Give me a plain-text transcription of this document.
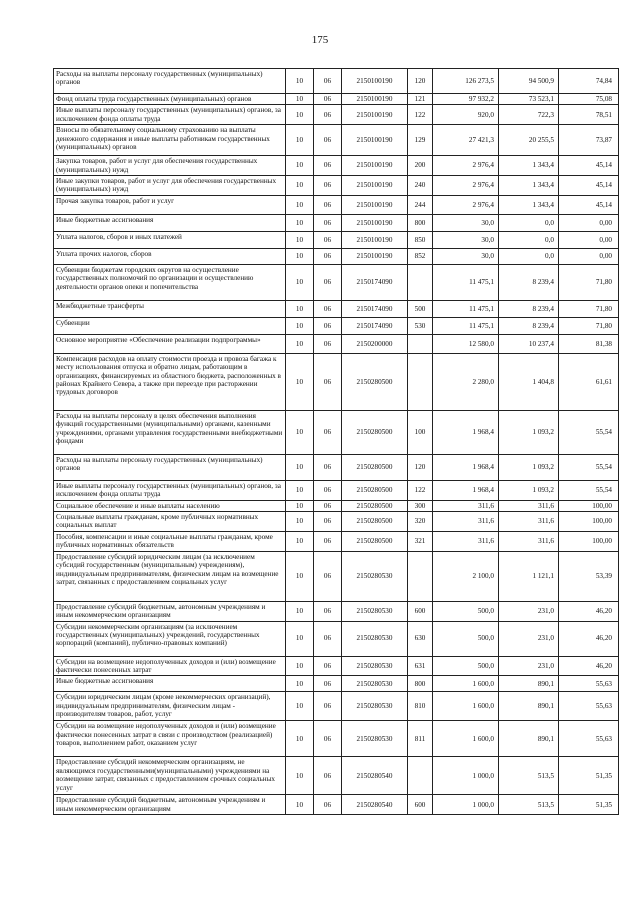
175
Расходы на выплаты персоналу государственных (муниципальных) органов	10	06	2150100190	120	126 273,5	94 500,9	74,84
Фонд оплаты труда государственных (муниципальных) органов	10	06	2150100190	121	97 932,2	73 523,1	75,08
Иные выплаты персоналу государственных (муниципальных) органов, за исключением фонда оплаты труда	10	06	2150100190	122	920,0	722,3	78,51
Взносы по обязательному социальному страхованию на выплаты денежного содержания и иные выплаты работникам государственных (муниципальных) органов	10	06	2150100190	129	27 421,3	20 255,5	73,87
Закупка товаров, работ и услуг для обеспечения государственных (муниципальных) нужд	10	06	2150100190	200	2 976,4	1 343,4	45,14
Иные закупки товаров, работ и услуг для обеспечения государственных (муниципальных) нужд	10	06	2150100190	240	2 976,4	1 343,4	45,14
Прочая закупка товаров, работ и услуг	10	06	2150100190	244	2 976,4	1 343,4	45,14
Иные бюджетные ассигнования	10	06	2150100190	800	30,0	0,0	0,00
Уплата налогов, сборов и иных платежей	10	06	2150100190	850	30,0	0,0	0,00
Уплата прочих налогов, сборов	10	06	2150100190	852	30,0	0,0	0,00
Субвенции бюджетам городских округов на осуществление государственных полномочий по организации и осуществлению деятельности органов опеки и попечительства	10	06	2150174090		11 475,1	8 239,4	71,80
Межбюджетные трансферты	10	06	2150174090	500	11 475,1	8 239,4	71,80
Субвенции	10	06	2150174090	530	11 475,1	8 239,4	71,80
Основное мероприятие «Обеспечение реализации подпрограммы»	10	06	2150200000		12 580,0	10 237,4	81,38
Компенсация расходов на оплату стоимости проезда и провоза багажа к месту использования отпуска и обратно лицам, работающим в организациях, финансируемых из областного бюджета, расположенных в районах Крайнего Севера, а также при переезде при расторжении трудовых договоров	10	06	2150280500		2 280,0	1 404,8	61,61
Расходы на выплаты персоналу в целях обеспечения выполнения функций государственными (муниципальными) органами, казенными учреждениями, органами управления государственными внебюджетными фондами	10	06	2150280500	100	1 968,4	1 093,2	55,54
Расходы на выплаты персоналу государственных (муниципальных) органов	10	06	2150280500	120	1 968,4	1 093,2	55,54
Иные выплаты персоналу государственных (муниципальных) органов, за исключением фонда оплаты труда	10	06	2150280500	122	1 968,4	1 093,2	55,54
Социальное обеспечение и иные выплаты населению	10	06	2150280500	300	311,6	311,6	100,00
Социальные выплаты гражданам, кроме публичных нормативных социальных выплат	10	06	2150280500	320	311,6	311,6	100,00
Пособия, компенсации и иные социальные выплаты гражданам, кроме публичных нормативных обязательств	10	06	2150280500	321	311,6	311,6	100,00
Предоставление субсидий юридическим лицам (за исключением субсидий государственным (муниципальным) учреждениям), индивидуальным предпринимателям, физическим лицам на возмещение затрат, связанных с предоставлением социальных услуг	10	06	2150280530		2 100,0	1 121,1	53,39
Предоставление субсидий бюджетным, автономным учреждениям и иным некоммерческим организациям	10	06	2150280530	600	500,0	231,0	46,20
Субсидии некоммерческим организациям (за исключением государственных (муниципальных) учреждений, государственных корпораций (компаний), публично-правовых компаний)	10	06	2150280530	630	500,0	231,0	46,20
Субсидии на возмещение недополученных доходов и (или) возмещение фактически понесенных затрат	10	06	2150280530	631	500,0	231,0	46,20
Иные бюджетные ассигнования	10	06	2150280530	800	1 600,0	890,1	55,63
Субсидии юридическим лицам (кроме некоммерческих организаций), индивидуальным предпринимателям, физическим лицам - производителям товаров, работ, услуг	10	06	2150280530	810	1 600,0	890,1	55,63
Субсидии на возмещение недополученных доходов и (или) возмещение фактически понесенных затрат в связи с производством (реализацией) товаров, выполнением работ, оказанием услуг	10	06	2150280530	811	1 600,0	890,1	55,63
Предоставление субсидий некоммерческим организациям, не являющимся государственными(муниципальными) учреждениями на возмещение затрат, связанных с предоставлением срочных социальных услуг	10	06	2150280540		1 000,0	513,5	51,35
Предоставление субсидий бюджетным, автономным учреждениям и иным некоммерческим организациям	10	06	2150280540	600	1 000,0	513,5	51,35
